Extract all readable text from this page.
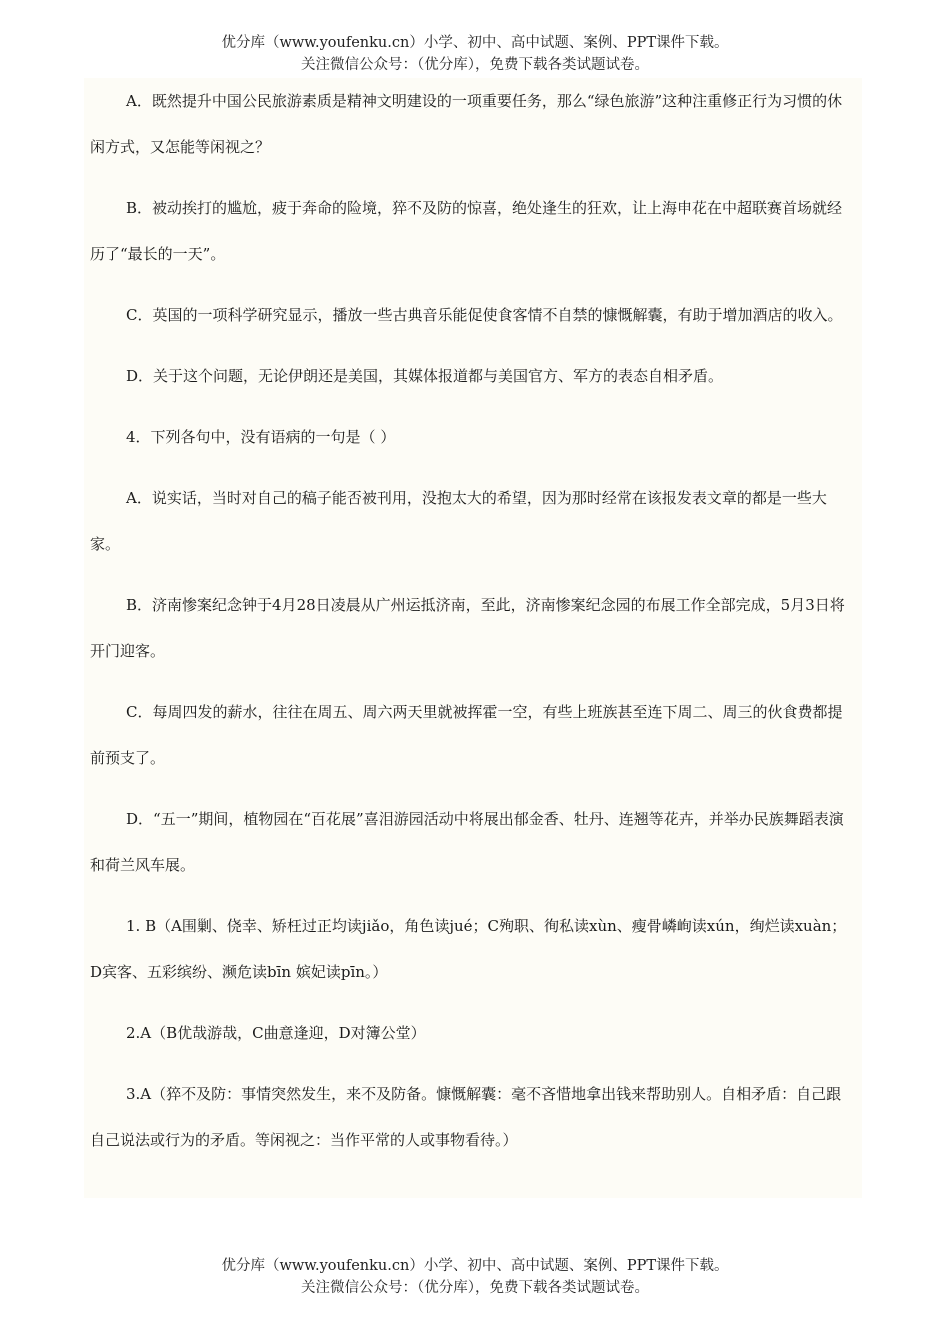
优分库（www.youfenku.cn）小学、初中、高中试题、案例、PPT课件下载。
关注微信公众号：（优分库），免费下载各类试题试卷。

A．既然提升中国公民旅游素质是精神文明建设的一项重要任务，那么“绿色旅游”这种注重修正行为习惯的休闲方式，又怎能等闲视之？

B．被动挨打的尴尬，疲于奔命的险境，猝不及防的惊喜，绝处逢生的狂欢，让上海申花在中超联赛首场就经历了“最长的一天”。

C．英国的一项科学研究显示，播放一些古典音乐能促使食客情不自禁的慷慨解囊，有助于增加酒店的收入。

D．关于这个问题，无论伊朗还是美国，其媒体报道都与美国官方、军方的表态自相矛盾。

4．下列各句中，没有语病的一句是（ ）

A．说实话，当时对自己的稿子能否被刊用，没抱太大的希望，因为那时经常在该报发表文章的都是一些大家。

B．济南惨案纪念钟于4月28日凌晨从广州运抵济南，至此，济南惨案纪念园的布展工作全部完成，5月3日将开门迎客。

C．每周四发的薪水，往往在周五、周六两天里就被挥霍一空，有些上班族甚至连下周二、周三的伙食费都提前预支了。

D．“五一”期间，植物园在“百花展”喜泪游园活动中将展出郁金香、牡丹、连翘等花卉，并举办民族舞蹈表演和荷兰风车展。

1. B（A围剿、侥幸、矫枉过正均读jiǎo，角色读jué；C殉职、徇私读xùn、瘦骨嶙峋读xún，绚烂读xuàn；D宾客、五彩缤纷、濒危读bīn 嫔妃读pīn。）

2.A（B优哉游哉，C曲意逢迎，D对簿公堂）

3.A（猝不及防：事情突然发生，来不及防备。慷慨解囊：毫不吝惜地拿出钱来帮助别人。自相矛盾：自己跟自己说法或行为的矛盾。等闲视之：当作平常的人或事物看待。）

优分库（www.youfenku.cn）小学、初中、高中试题、案例、PPT课件下载。
关注微信公众号：（优分库），免费下载各类试题试卷。
